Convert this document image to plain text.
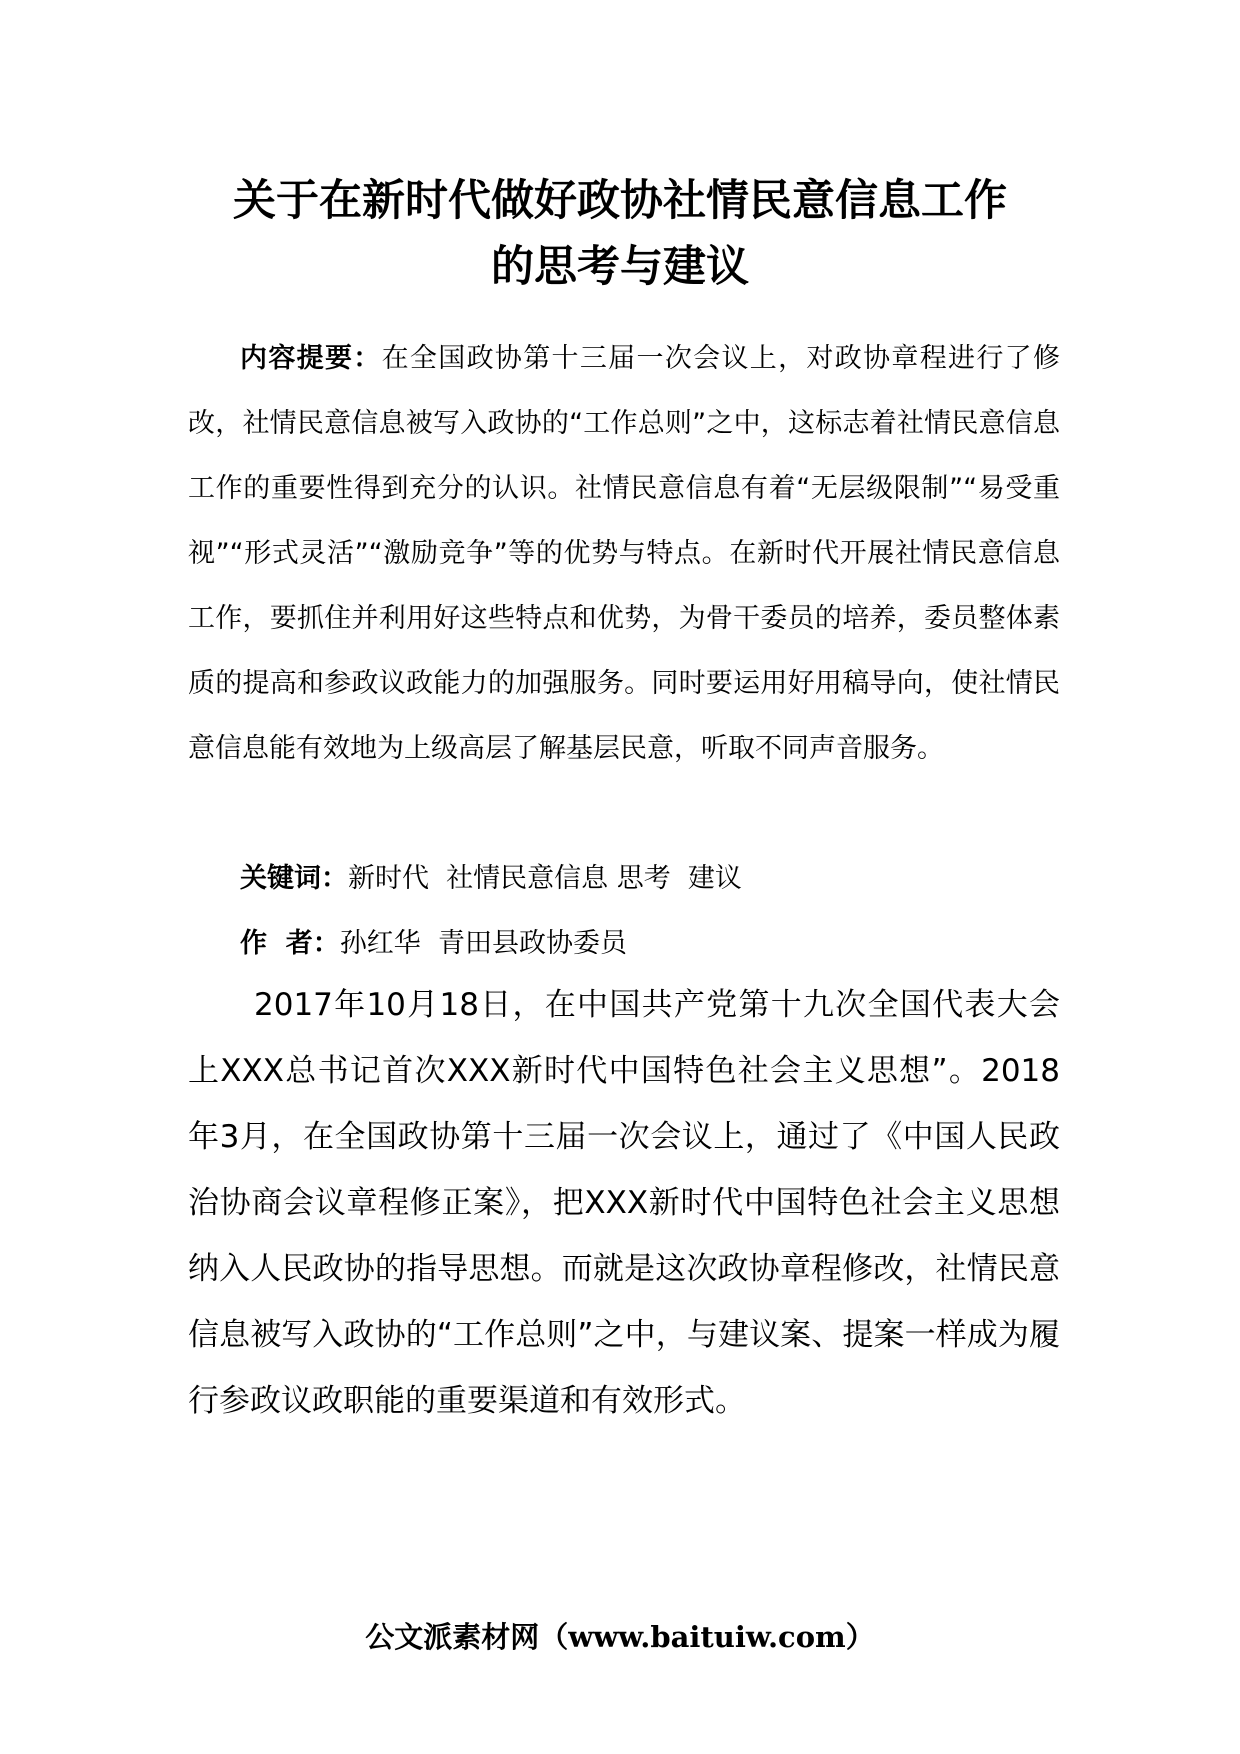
关于在新时代做好政协社情民意信息工作
的思考与建议

内容提要：在全国政协第十三届一次会议上，对政协章程进行了修改，社情民意信息被写入政协的“工作总则”之中，这标志着社情民意信息工作的重要性得到充分的认识。社情民意信息有着“无层级限制”“易受重视”“形式灵活”“激励竞争”等的优势与特点。在新时代开展社情民意信息工作，要抓住并利用好这些特点和优势，为骨干委员的培养，委员整体素质的提高和参政议政能力的加强服务。同时要运用好用稿导向，使社情民意信息能有效地为上级高层了解基层民意，听取不同声音服务。

关键词：新时代  社情民意信息 思考  建议

作  者：孙红华  青田县政协委员

2017年10月18日，在中国共产党第十九次全国代表大会上XXX总书记首次XXX新时代中国特色社会主义思想”。2018年3月，在全国政协第十三届一次会议上，通过了《中国人民政治协商会议章程修正案》，把XXX新时代中国特色社会主义思想纳入人民政协的指导思想。而就是这次政协章程修改，社情民意信息被写入政协的“工作总则”之中，与建议案、提案一样成为履行参政议政职能的重要渠道和有效形式。

公文派素材网（www.baituiw.com）
